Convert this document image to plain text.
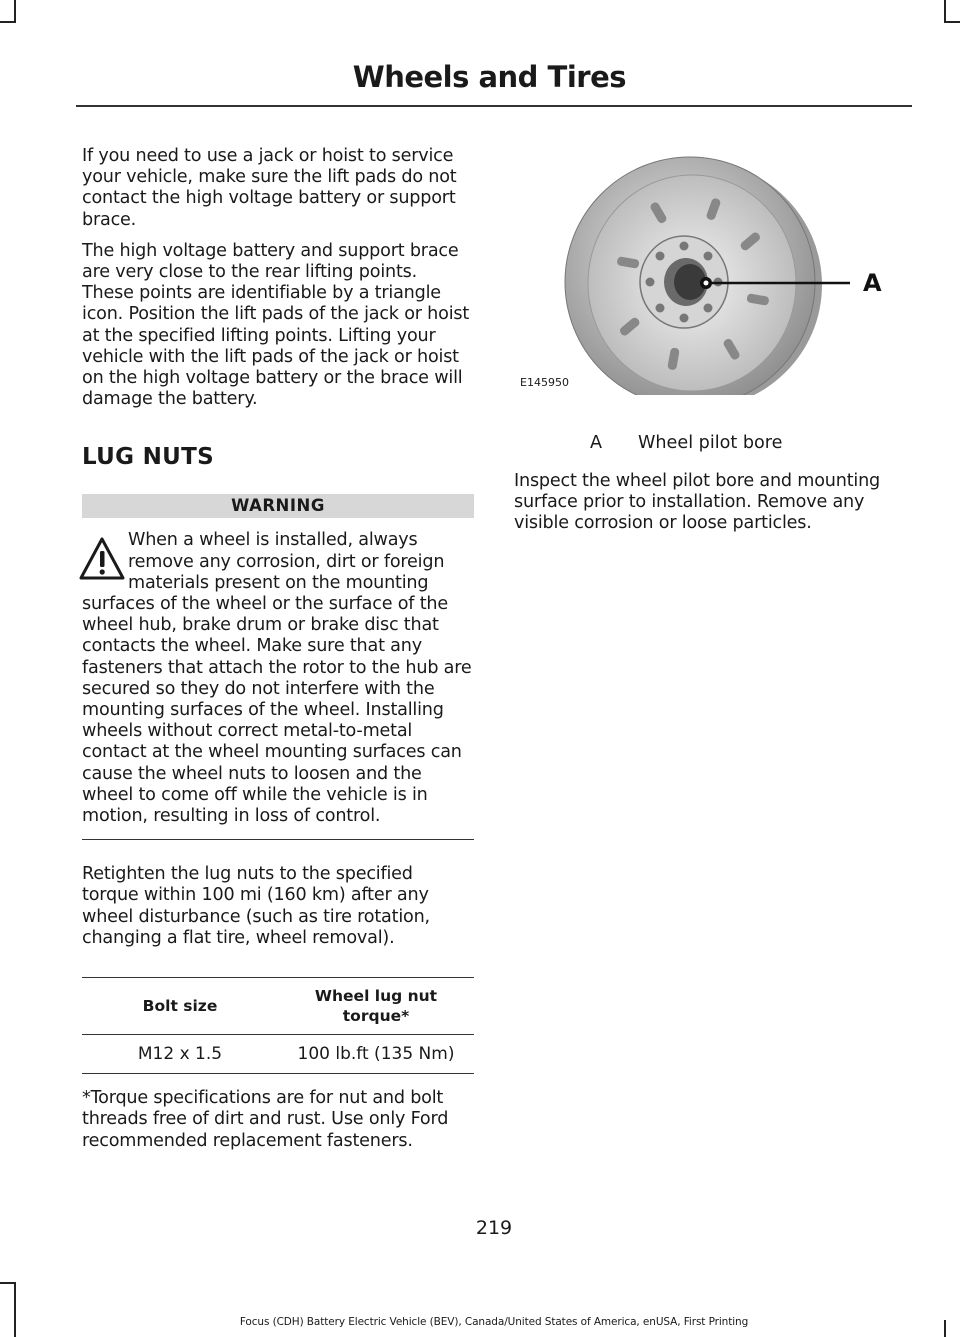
Wheels and Tires

If you need to use a jack or hoist to service your vehicle, make sure the lift pads do not contact the high voltage battery or support brace.

The high voltage battery and support brace are very close to the rear lifting points. These points are identifiable by a triangle icon. Position the lift pads of the jack or hoist at the specified lifting points. Lifting your vehicle with the lift pads of the jack or hoist on the high voltage battery or the brace will damage the battery.

LUG NUTS
WARNING
When a wheel is installed, always remove any corrosion, dirt or foreign materials present on the mounting surfaces of the wheel or the surface of the wheel hub, brake drum or brake disc that contacts the wheel. Make sure that any fasteners that attach the rotor to the hub are secured so they do not interfere with the mounting surfaces of the wheel. Installing wheels without correct metal-to-metal contact at the wheel mounting surfaces can cause the wheel nuts to loosen and the wheel to come off while the vehicle is in motion, resulting in loss of control.

Retighten the lug nuts to the specified torque within 100 mi (160 km) after any wheel disturbance (such as tire rotation, changing a flat tire, wheel removal).

Bolt size	Wheel lug nut torque*
M12 x 1.5	100 lb.ft (135 Nm)

*Torque specifications are for nut and bolt threads free of dirt and rust. Use only Ford recommended replacement fasteners.

A
E145950
A	Wheel pilot bore

Inspect the wheel pilot bore and mounting surface prior to installation. Remove any visible corrosion or loose particles.

219
Focus (CDH) Battery Electric Vehicle (BEV), Canada/United States of America, enUSA, First Printing
